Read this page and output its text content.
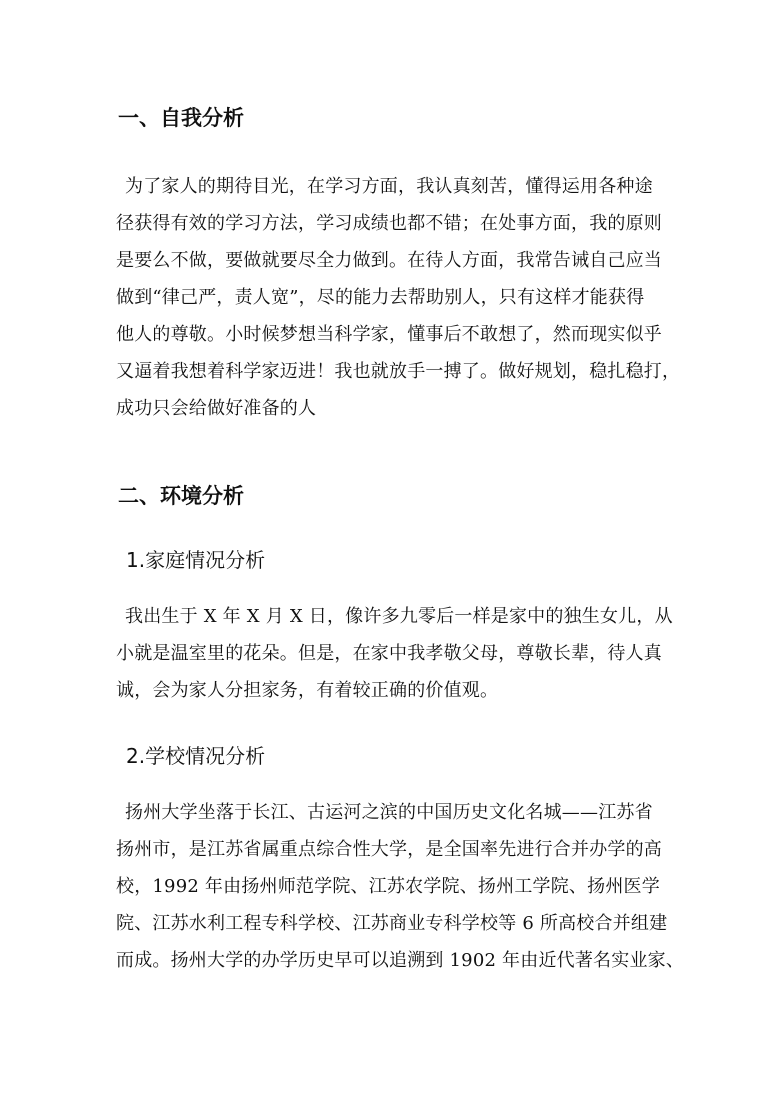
一、自我分析
为了家人的期待目光，在学习方面，我认真刻苦，懂得运用各种途
径获得有效的学习方法，学习成绩也都不错；在处事方面，我的原则
是要么不做，要做就要尽全力做到。在待人方面，我常告诫自己应当
做到“律己严，责人宽”，尽的能力去帮助别人，只有这样才能获得
他人的尊敬。小时候梦想当科学家，懂事后不敢想了，然而现实似乎
又逼着我想着科学家迈进！我也就放手一搏了。做好规划，稳扎稳打，
成功只会给做好准备的人
二、环境分析
1.家庭情况分析
我出生于 X 年 X 月 X 日，像许多九零后一样是家中的独生女儿，从
小就是温室里的花朵。但是，在家中我孝敬父母，尊敬长辈，待人真
诚，会为家人分担家务，有着较正确的价值观。
2.学校情况分析
扬州大学坐落于长江、古运河之滨的中国历史文化名城——江苏省
扬州市，是江苏省属重点综合性大学，是全国率先进行合并办学的高
校，1992 年由扬州师范学院、江苏农学院、扬州工学院、扬州医学
院、江苏水利工程专科学校、江苏商业专科学校等 6 所高校合并组建
而成。扬州大学的办学历史早可以追溯到 1902 年由近代著名实业家、
